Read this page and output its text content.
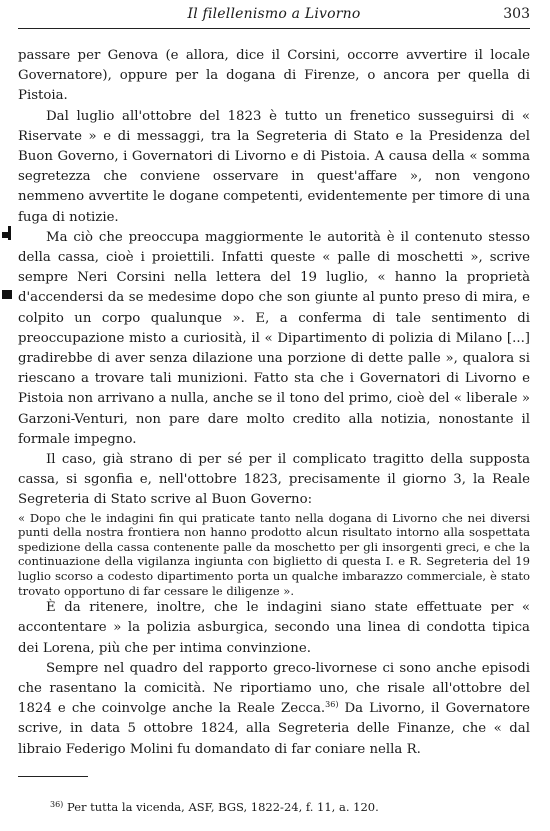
Il filellenismo a Livorno	303

passare per Genova (e allora, dice il Corsini, occorre avvertire il locale Governatore), oppure per la dogana di Firenze, o ancora per quella di Pistoia.

Dal luglio all'ottobre del 1823 è tutto un frenetico susseguirsi di « Riservate » e di messaggi, tra la Segreteria di Stato e la Presidenza del Buon Governo, i Governatori di Livorno e di Pistoia. A causa della « somma segretezza che conviene osservare in quest'affare », non vengono nemmeno avvertite le dogane competenti, evidentemente per timore di una fuga di notizie.

Ma ciò che preoccupa maggiormente le autorità è il contenuto stesso della cassa, cioè i proiettili. Infatti queste « palle di moschetti », scrive sempre Neri Corsini nella lettera del 19 luglio, « hanno la proprietà d'accendersi da se medesime dopo che son giunte al punto preso di mira, e colpito un corpo qualunque ». E, a conferma di tale sentimento di preoccupazione misto a curiosità, il « Dipartimento di polizia di Milano [...] gradirebbe di aver senza dilazione una porzione di dette palle », qualora si riescano a trovare tali munizioni. Fatto sta che i Governatori di Livorno e Pistoia non arrivano a nulla, anche se il tono del primo, cioè del « liberale » Garzoni-Venturi, non pare dare molto credito alla notizia, nonostante il formale impegno.

Il caso, già strano di per sé per il complicato tragitto della supposta cassa, si sgonfia e, nell'ottobre 1823, precisamente il giorno 3, la Reale Segreteria di Stato scrive al Buon Governo:

« Dopo che le indagini fin qui praticate tanto nella dogana di Livorno che nei diversi punti della nostra frontiera non hanno prodotto alcun risultato intorno alla sospettata spedizione della cassa contenente palle da moschetto per gli insorgenti greci, e che la continuazione della vigilanza ingiunta con biglietto di questa I. e R. Segreteria del 19 luglio scorso a codesto dipartimento porta un qualche imbarazzo commerciale, è stato trovato opportuno di far cessare le diligenze ».

È da ritenere, inoltre, che le indagini siano state effettuate per « accontentare » la polizia asburgica, secondo una linea di condotta tipica dei Lorena, più che per intima convinzione.

Sempre nel quadro del rapporto greco-livornese ci sono anche episodi che rasentano la comicità. Ne riportiamo uno, che risale all'ottobre del 1824 e che coinvolge anche la Reale Zecca.$^{36)}$ Da Livorno, il Governatore scrive, in data 5 ottobre 1824, alla Segreteria delle Finanze, che « dal libraio Federigo Molini fu domandato di far coniare nella R.

$^{36)}$ Per tutta la vicenda, ASF, BGS, 1822-24, f. 11, a. 120.
